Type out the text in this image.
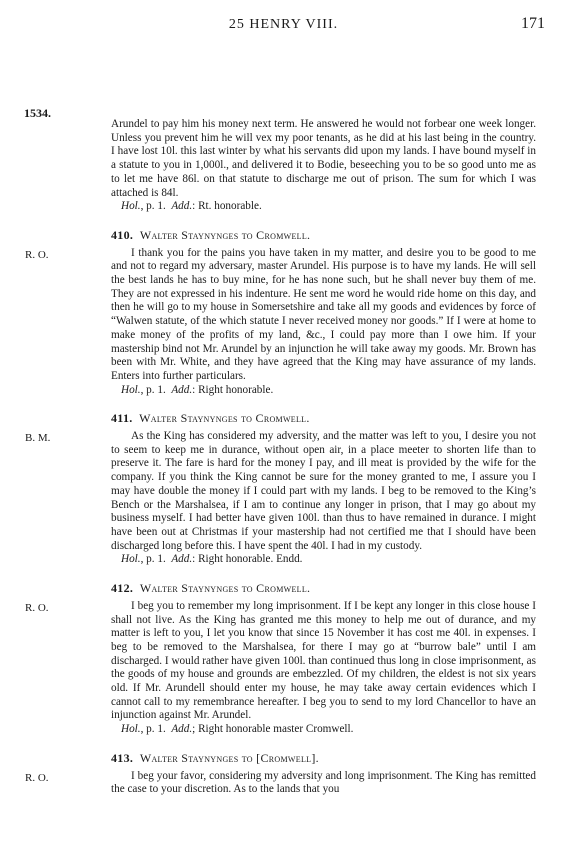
25 HENRY VIII.	171
1534.

Arundel to pay him his money next term. He answered he would not forbear one week longer. Unless you prevent him he will vex my poor tenants, as he did at his last being in the country. I have lost 10l. this last winter by what his servants did upon my lands. I have bound myself in a statute to you in 1,000l., and delivered it to Bodie, beseeching you to be so good unto me as to let me have 86l. on that statute to discharge me out of prison. The sum for which I was attached is 84l.

Hol., p. 1. Add.: Rt. honorable.

410. Walter Staynynges to Cromwell.
R. O.	I thank you for the pains you have taken in my matter, and desire you to be good to me and not to regard my adversary, master Arundel. His purpose is to have my lands. He will sell the best lands he has to buy mine, for he has none such, but he shall never buy them of me. They are not expressed in his indenture. He sent me word he would ride home on this day, and then he will go to my house in Somersetshire and take all my goods and evidences by force of “Walwen statute, of the which statute I never received money nor goods.” If I were at home to make money of the profits of my land, &c., I could pay more than I owe him. If your mastership bind not Mr. Arundel by an injunction he will take away my goods. Mr. Brown has been with Mr. White, and they have agreed that the King may have assurance of my lands. Enters into further particulars.

Hol., p. 1. Add.: Right honorable.

411. Walter Staynynges to Cromwell.
B. M.	As the King has considered my adversity, and the matter was left to you, I desire you not to seem to keep me in durance, without open air, in a place meeter to shorten life than to preserve it. The fare is hard for the money I pay, and ill meat is provided by the wife for the company. If you think the King cannot be sure for the money granted to me, I assure you I may have double the money if I could part with my lands. I beg to be removed to the King’s Bench or the Marshalsea, if I am to continue any longer in prison, that I may go about my business myself. I had better have given 100l. than thus to have remained in durance. I might have been out at Christmas if your mastership had not certified me that I should have been discharged long before this. I have spent the 40l. I had in my custody.

Hol., p. 1. Add.: Right honorable. Endd.

412. Walter Staynynges to Cromwell.
R. O.	I beg you to remember my long imprisonment. If I be kept any longer in this close house I shall not live. As the King has granted me this money to help me out of durance, and my matter is left to you, I let you know that since 15 November it has cost me 40l. in expenses. I beg to be removed to the Marshalsea, for there I may go at “burrow bale” until I am discharged. I would rather have given 100l. than continued thus long in close imprisonment, as the goods of my house and grounds are embezzled. Of my children, the eldest is not six years old. If Mr. Arundell should enter my house, he may take away certain evidences which I cannot call to my remembrance hereafter. I beg you to send to my lord Chancellor to have an injunction against Mr. Arundel.

Hol., p. 1. Add.; Right honorable master Cromwell.

413. Walter Staynynges to [Cromwell].
R. O.	I beg your favor, considering my adversity and long imprisonment. The King has remitted the case to your discretion. As to the lands that you
